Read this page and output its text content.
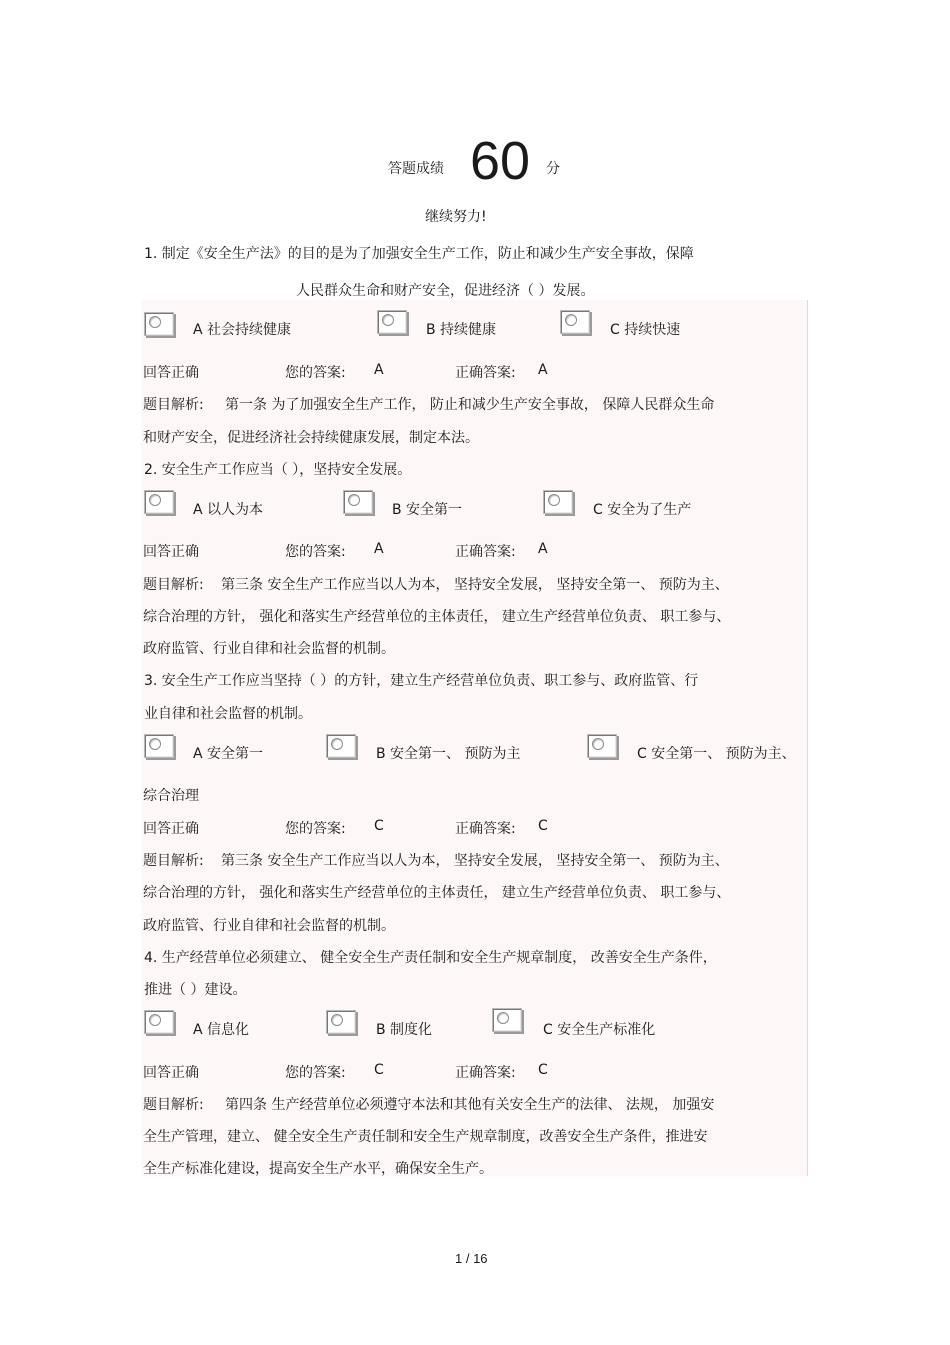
答题成绩 60 分
继续努力!
1. 制定《安全生产法》的目的是为了加强安全生产工作，防止和减少生产安全事故，保障
人民群众生命和财产安全，促进经济（ ）发展。
A 社会持续健康	B 持续健康	C 持续快速
回答正确	您的答案: A	正确答案: A
题目解析: 第一条 为了加强安全生产工作， 防止和减少生产安全事故， 保障人民群众生命
和财产安全，促进经济社会持续健康发展，制定本法。
2. 安全生产工作应当（ ），坚持安全发展。
A 以人为本	B 安全第一	C 安全为了生产
回答正确	您的答案: A	正确答案: A
题目解析: 第三条 安全生产工作应当以人为本， 坚持安全发展， 坚持安全第一、 预防为主、
综合治理的方针， 强化和落实生产经营单位的主体责任， 建立生产经营单位负责、 职工参与、
政府监管、行业自律和社会监督的机制。
3. 安全生产工作应当坚持（ ）的方针，建立生产经营单位负责、职工参与、政府监管、行
业自律和社会监督的机制。
A 安全第一	B 安全第一、 预防为主	C 安全第一、 预防为主、
综合治理
回答正确	您的答案: C	正确答案: C
题目解析: 第三条 安全生产工作应当以人为本， 坚持安全发展， 坚持安全第一、 预防为主、
综合治理的方针， 强化和落实生产经营单位的主体责任， 建立生产经营单位负责、 职工参与、
政府监管、行业自律和社会监督的机制。
4. 生产经营单位必须建立、 健全安全生产责任制和安全生产规章制度， 改善安全生产条件，
推进（ ）建设。
A 信息化	B 制度化	C 安全生产标准化
回答正确	您的答案: C	正确答案: C
题目解析: 第四条 生产经营单位必须遵守本法和其他有关安全生产的法律、 法规， 加强安
全生产管理，建立、 健全安全生产责任制和安全生产规章制度，改善安全生产条件，推进安
全生产标准化建设，提高安全生产水平，确保安全生产。
1 / 16
